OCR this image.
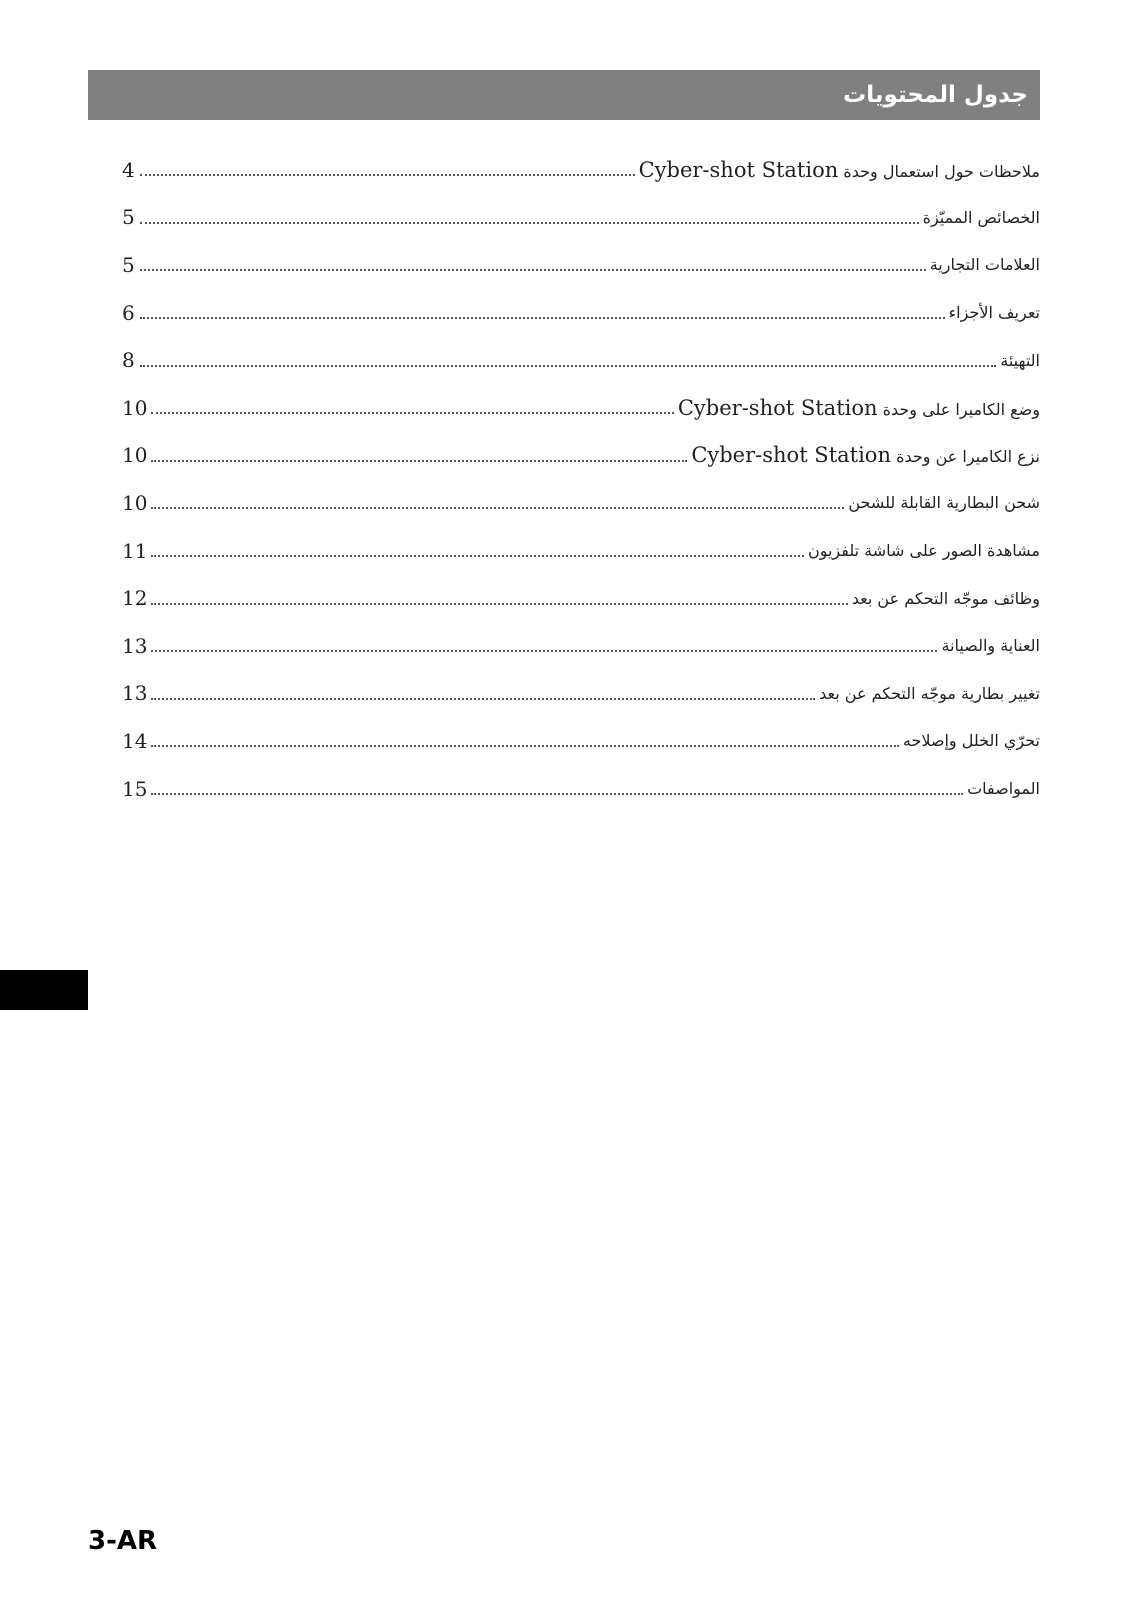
جدول المحتويات
4	ملاحظات حول استعمال وحدة Cyber-shot Station
5	الخصائص المميّزة
5	العلامات التجارية
6	تعريف الأجزاء
8	التهيئة
10	وضع الكاميرا على وحدة Cyber-shot Station
10	نزع الكاميرا عن وحدة Cyber-shot Station
10	شحن البطارية القابلة للشحن
11	مشاهدة الصور على شاشة تلفزيون
12	وظائف موجّه التحكم عن بعد
13	العناية والصيانة
13	تغيير بطارية موجّه التحكم عن بعد
14	تحرّي الخلل وإصلاحه
15	المواصفات
3-AR
